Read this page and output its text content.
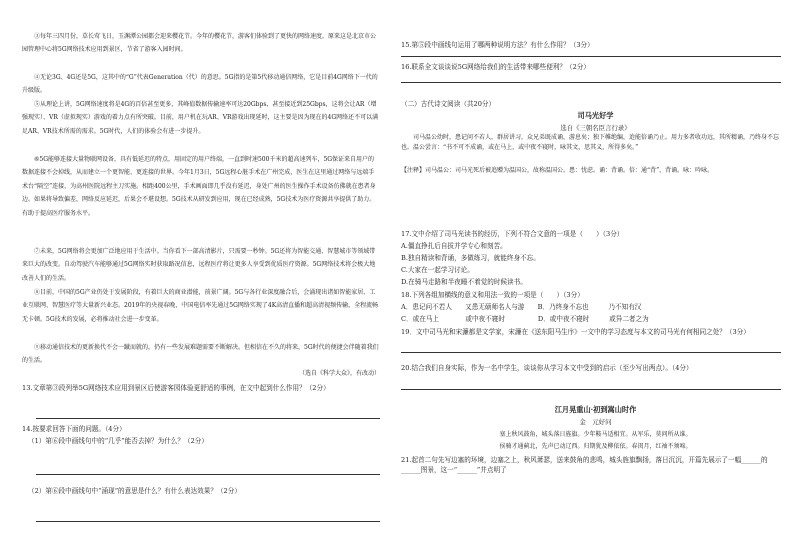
③每年三四月份，草长莺飞日，玉渊潭公园都会迎来樱花节。今年的樱花节，游客们体验到了更快的网络速度。原来这是北京市公园管理中心将5G网络技术应用到景区，节省了游客入园时间。

④无论3G、4G还是5G，这其中的“G”代表Generation（代）的意思。5G指的是第5代移动通信网络，它是目前4G网络下一代的升级版。

⑤从理论上讲，5G网络速度将是4G的百倍甚至更多，其峰值数据传输速率可达20Gbps，甚至接近到25Gbps，这将会让AR（增强现实）、VR（虚拟现实）游戏的着力点有所突破。目前，用户机在玩AR、VR游戏出现延时，这主要是因为现在的4G网络还不可以满足AR、VR技术所需的需求。5G时代，人们的体验会有进一步提升。

⑥5G能够连接大量物联网设备，具有低延迟的特点，用固定的用户终端，一直到时速500千米的超高速列车，5G保证来自用户的数据连接不会掉线，从而建立一个更智能、更连接的世界。今年1月3日，5G远程心脏手术在广州完成，医生在这里通过网络与远端手术台“隔空”连接，为高州医院远程主刀实施。相距400公里，手术画面即几乎没有延迟，身处广州的医生操作手术设备仿佛就在患者身边。如果将导致偏差，网络反应延迟，后果会不堪设想。5G技术从研发到应用，现在已经成熟，5G技术为医疗资源共享提供了助力。有助于提高医疗服务水平。

⑦未来，5G网络将会更加广泛地应用于生活中。当你看下一部高清影片，只需要一秒钟。5G还将为智能交通、智慧城市等领域带来巨大的改变。自动驾驶汽车能够通过5G网络实时获取路况信息，远程医疗将让更多人享受到优质医疗资源。5G网络技术将会极大地改善人们的生活。

⑧目前，中国的5G产业仍处于发展阶段，有着巨大的商业潜能，前景广阔。5G与各行业深度融合后，会涌现出诸如智能家居、工业互联网、智慧医疗等大量新兴业态。2019年的央视春晚，中国电信率先通过5G网络实现了4K高清直播和超高清视频传输，全程流畅无卡顿。5G技术的发展，必将推动社会进一步变革。

⑨移动通信技术的更新换代不会一蹴而就的，仍有一些发展难题需要不断解决。但相信在不久的将来，5G时代的便捷会伴随着我们的生活。

（选自《科学大众》，有改动）

13.文章第③段列举5G网络技术应用到景区后使游客园体验更舒适的事例，在文中起到什么作用？（2分）

14.按要求回答下面的问题。（4分）

（1）第⑥段中画线句中的“几乎”能否去掉？为什么？（2分）

（2）第⑥段中画线句中“涌现”的意思是什么？有什么表达效果？（2分）

15.第⑤段中画线句运用了哪两种说明方法？有什么作用？（3分）

16.联系全文谈谈说5G网络给我们的生活带来哪些便利？（2分）

（二）古代诗文阅读（共20分）

司马光好学

选自《三朝名臣言行录》

司马温公幼时，患记问不若人，群居讲习，众兄弟既成诵，游息矣；独下帷绝编，迨能倍诵乃止。用力多者收功远，其所精诵，乃终身不忘也。温公尝言：“书不可不成诵，或在马上，或中夜不寝时，咏其文，思其义，所得多矣。”

【注释】司马温公：司马光死后被追赠为温国公，故称温国公。患：忧虑。诵：背诵。倍：通“背”，背诵。咏：吟咏。

17.文中介绍了司马光读书的经历，下列不符合文意的一项是（　　）（3分）

A.僵直挣扎后自拔并学专心和刻苦。

B.独自精读和背诵，多做练习，就能终身不忘。

C.大家在一起学习讨论。

D.在骑马走路和半夜睡不着觉的时候读书。

18.下列各组加横线的意义和用法一致的一项是（　　）（3分）

A．患记问不若人　　又患无硕师名人与游　　B．乃终身不忘也　　　乃不知有汉

C．或在马上　　　　或中夜不寝时　　　　　D．或中夜不寝时　　　或异二者之为

19．文中司马光和宋濂都是文学家，宋濂在《送东阳马生序》一文中的学习态度与本文的司马光有何相同之处？（3分）

20.结合我们自身实际，作为一名中学生，谈谈你从学习本文中受到的启示（至少写出两点）。（4分）

江月晃重山·初到嵩山时作

金　元好问

塞上秋风鼓角，城头落日旌旗。少年鞍马适相宜。从军乐，莫问所从谁。

侯骑才通蓟北，先声已动辽西。归期犹及柳依依。春闺月，红袖不须啼。

21.起首二句先写边塞的环境，边塞之上，秋风萧瑟，送来鼓角的悲鸣，城头旌旗飘扬，落日沉沉，开篇先展示了一幅______的______图景，这一“______”并点明了
